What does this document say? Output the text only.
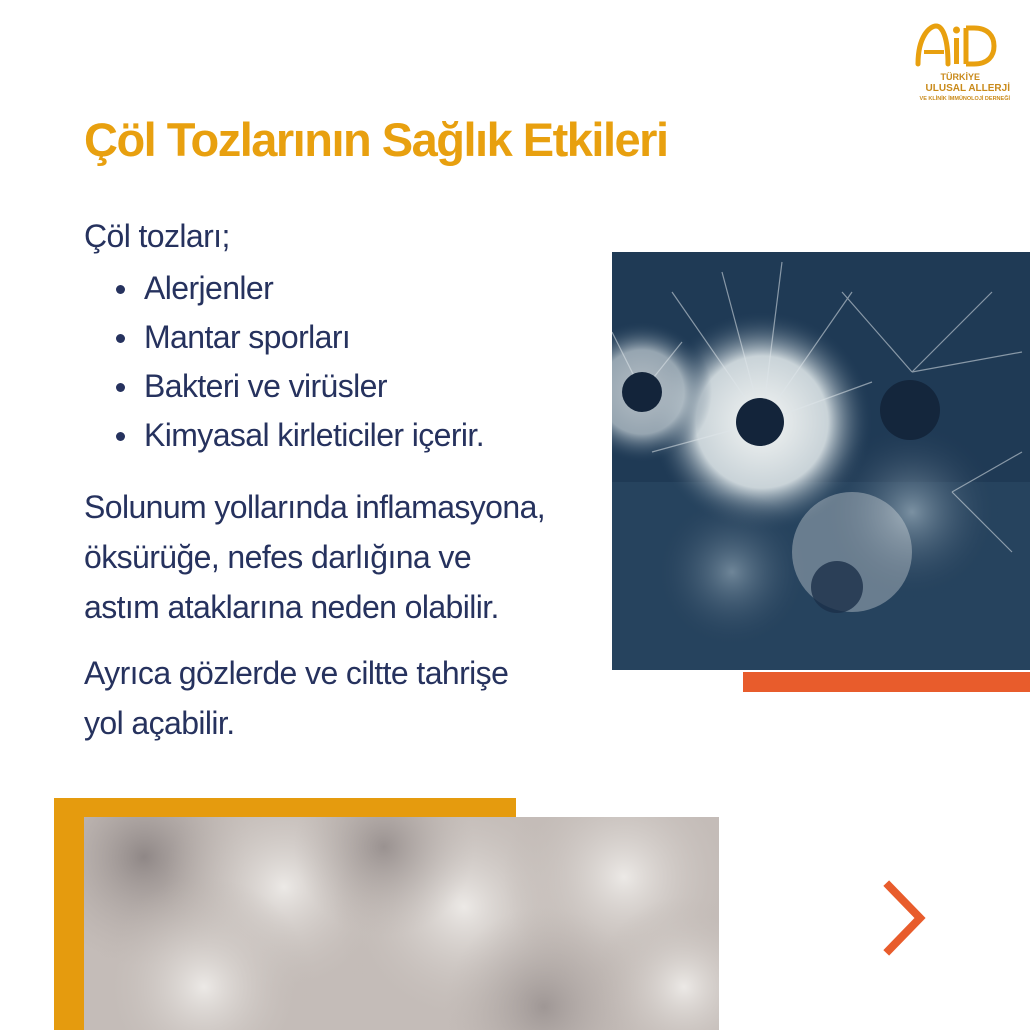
TÜRKİYE
ULUSAL ALLERJİ
VE KLİNİK İMMÜNOLOJİ DERNEĞİ
Çöl Tozlarının Sağlık Etkileri
Çöl tozları;
Alerjenler
Mantar sporları
Bakteri ve virüsler
Kimyasal kirleticiler içerir.
Solunum yollarında inflamasyona,
öksürüğe, nefes darlığına ve
astım ataklarına neden olabilir.
Ayrıca gözlerde ve ciltte tahrişe
yol açabilir.
